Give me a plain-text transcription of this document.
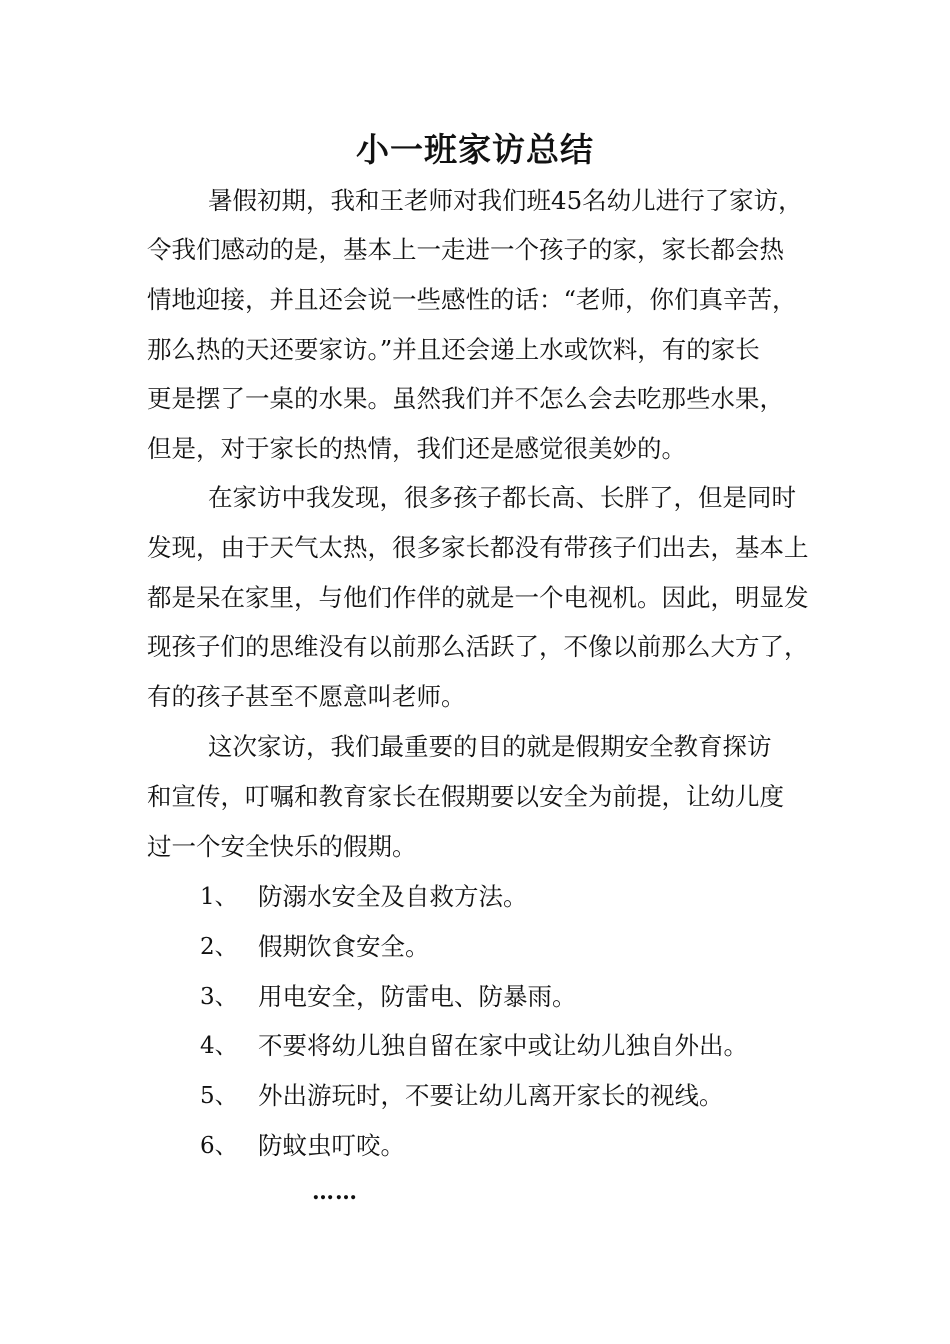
小一班家访总结
暑假初期，我和王老师对我们班45名幼儿进行了家访，
令我们感动的是，基本上一走进一个孩子的家，家长都会热
情地迎接，并且还会说一些感性的话：“老师，你们真辛苦，
那么热的天还要家访。”并且还会递上水或饮料，有的家长
更是摆了一桌的水果。虽然我们并不怎么会去吃那些水果，
但是，对于家长的热情，我们还是感觉很美妙的。
在家访中我发现，很多孩子都长高、长胖了，但是同时
发现，由于天气太热，很多家长都没有带孩子们出去，基本上
都是呆在家里，与他们作伴的就是一个电视机。因此，明显发
现孩子们的思维没有以前那么活跃了，不像以前那么大方了，
有的孩子甚至不愿意叫老师。
这次家访，我们最重要的目的就是假期安全教育探访
和宣传，叮嘱和教育家长在假期要以安全为前提，让幼儿度
过一个安全快乐的假期。
1、 防溺水安全及自救方法。
2、 假期饮食安全。
3、 用电安全，防雷电、防暴雨。
4、 不要将幼儿独自留在家中或让幼儿独自外出。
5、 外出游玩时，不要让幼儿离开家长的视线。
6、 防蚊虫叮咬。
……
